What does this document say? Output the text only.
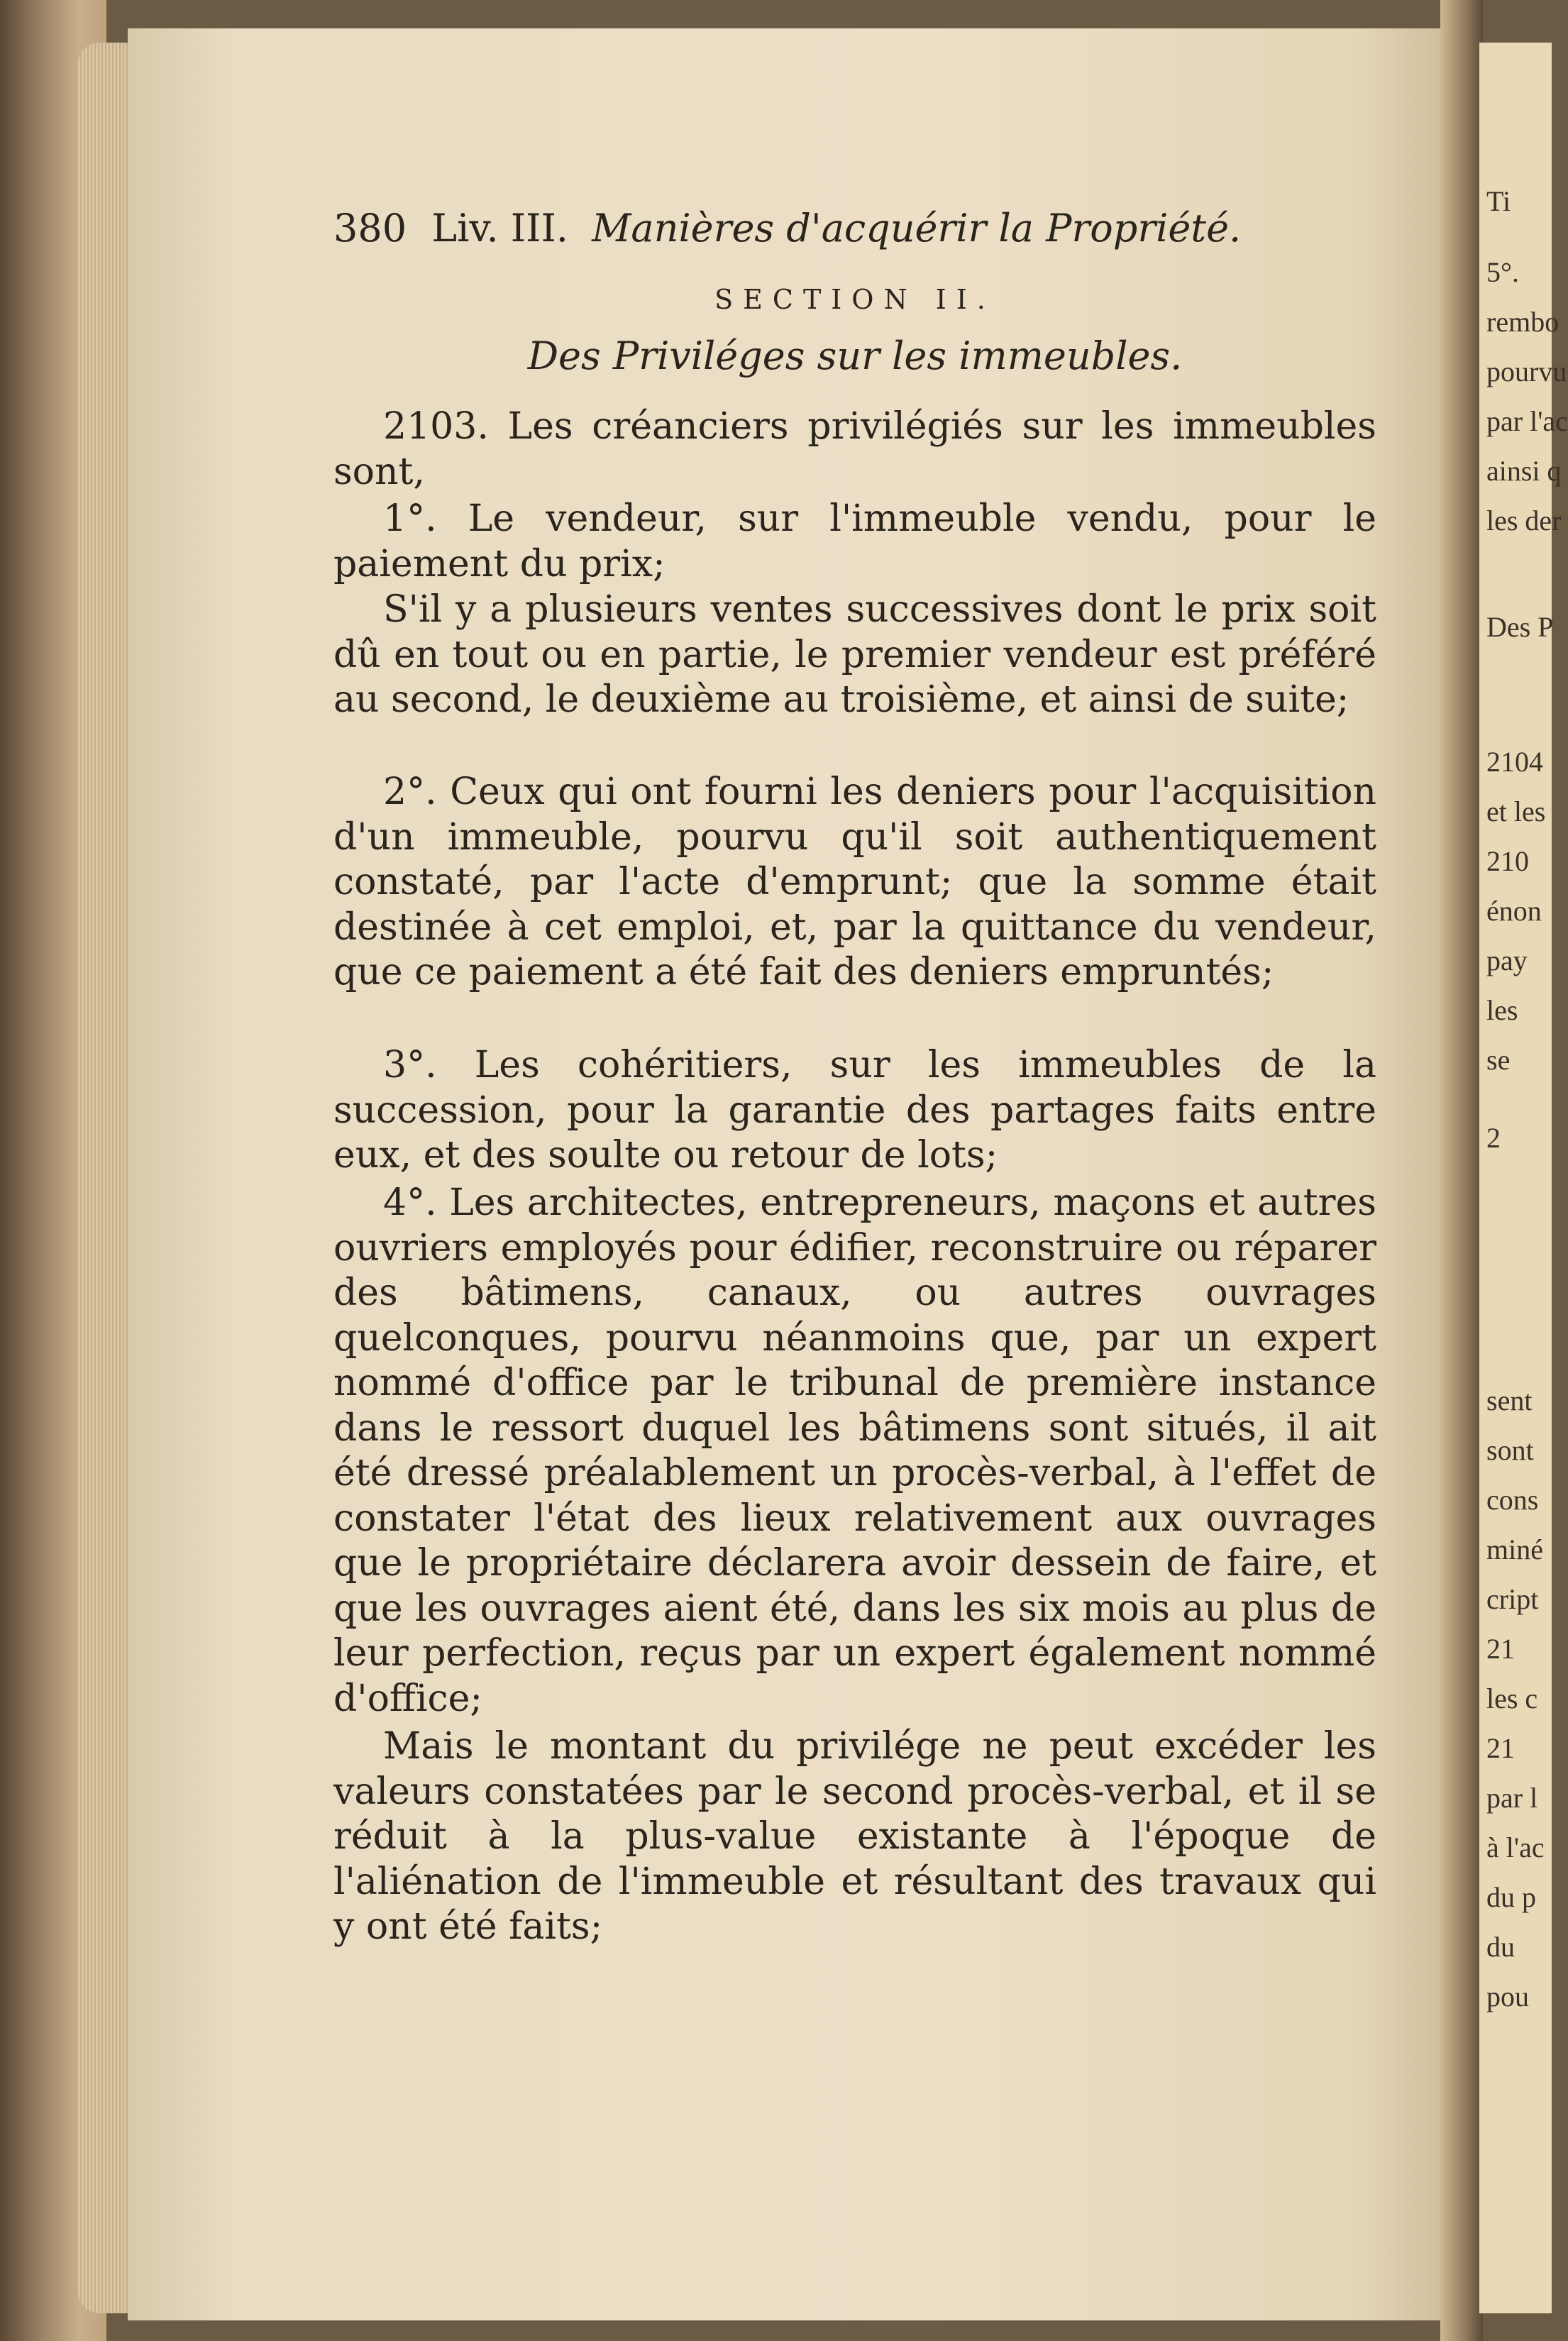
Ti
5°.
rembo
pourvu
par l'ac
ainsi q
les der
Des P
2104
et les
210
énon
pay
les
se
2
sent
sont
cons
miné
cript
21
les c
21
par l
à l'ac
du p
du
pou
380 Liv. III. Manières d'acquérir la Propriété.
SECTION II.
Des Priviléges sur les immeubles.
2103. Les créanciers privilégiés sur les immeubles sont,
1°. Le vendeur, sur l'immeuble vendu, pour le paiement du prix;
S'il y a plusieurs ventes successives dont le prix soit dû en tout ou en partie, le premier vendeur est préféré au second, le deuxième au troisième, et ainsi de suite;
2°. Ceux qui ont fourni les deniers pour l'acquisition d'un immeuble, pourvu qu'il soit authentiquement constaté, par l'acte d'emprunt; que la somme était destinée à cet emploi, et, par la quittance du vendeur, que ce paiement a été fait des deniers empruntés;
3°. Les cohéritiers, sur les immeubles de la succession, pour la garantie des partages faits entre eux, et des soulte ou retour de lots;
4°. Les architectes, entrepreneurs, maçons et autres ouvriers employés pour édifier, reconstruire ou réparer des bâtimens, canaux, ou autres ouvrages quelconques, pourvu néanmoins que, par un expert nommé d'office par le tribunal de première instance dans le ressort duquel les bâtimens sont situés, il ait été dressé préalablement un procès-verbal, à l'effet de constater l'état des lieux relativement aux ouvrages que le propriétaire déclarera avoir dessein de faire, et que les ouvrages aient été, dans les six mois au plus de leur perfection, reçus par un expert également nommé d'office;
Mais le montant du privilége ne peut excéder les valeurs constatées par le second procès-verbal, et il se réduit à la plus-value existante à l'époque de l'aliénation de l'immeuble et résultant des travaux qui y ont été faits;
